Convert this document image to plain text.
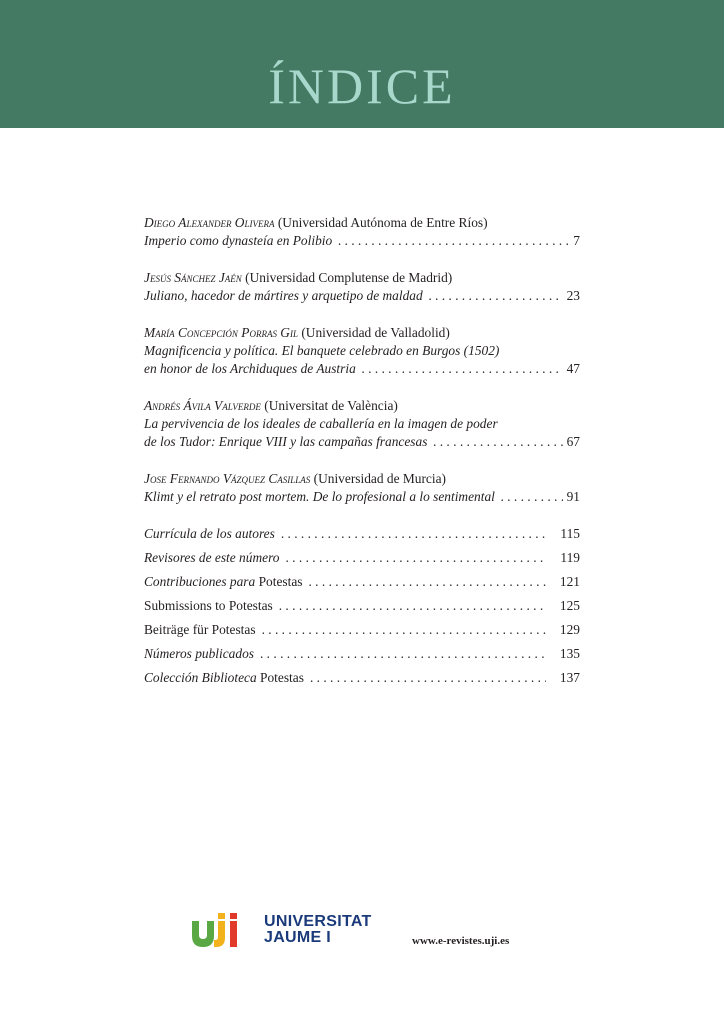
ÍNDICE
Diego Alexander Olivera (Universidad Autónoma de Entre Ríos)
Imperio como dynasteía en Polibio . . .	7
Jesús Sánchez Jaén (Universidad Complutense de Madrid)
Juliano, hacedor de mártires y arquetipo de maldad . . .	23
María Concepción Porras Gil (Universidad de Valladolid)
Magnificencia y política. El banquete celebrado en Burgos (1502)
en honor de los Archiduques de Austria . . .	47
Andrés Ávila Valverde (Universitat de València)
La pervivencia de los ideales de caballería en la imagen de poder
de los Tudor: Enrique VIII y las campañas francesas . . .	67
Jose Fernando Vázquez Casillas (Universidad de Murcia)
Klimt y el retrato post mortem. De lo profesional a lo sentimental . . .	91
Currícula de los autores . . .	115
Revisores de este número . . .	119
Contribuciones para Potestas . . .	121
Submissions to Potestas . . .	125
Beiträge für Potestas . . .	129
Números publicados . . .	135
Colección Biblioteca Potestas . . .	137
UNIVERSITAT
JAUME I	www.e-revistes.uji.es
